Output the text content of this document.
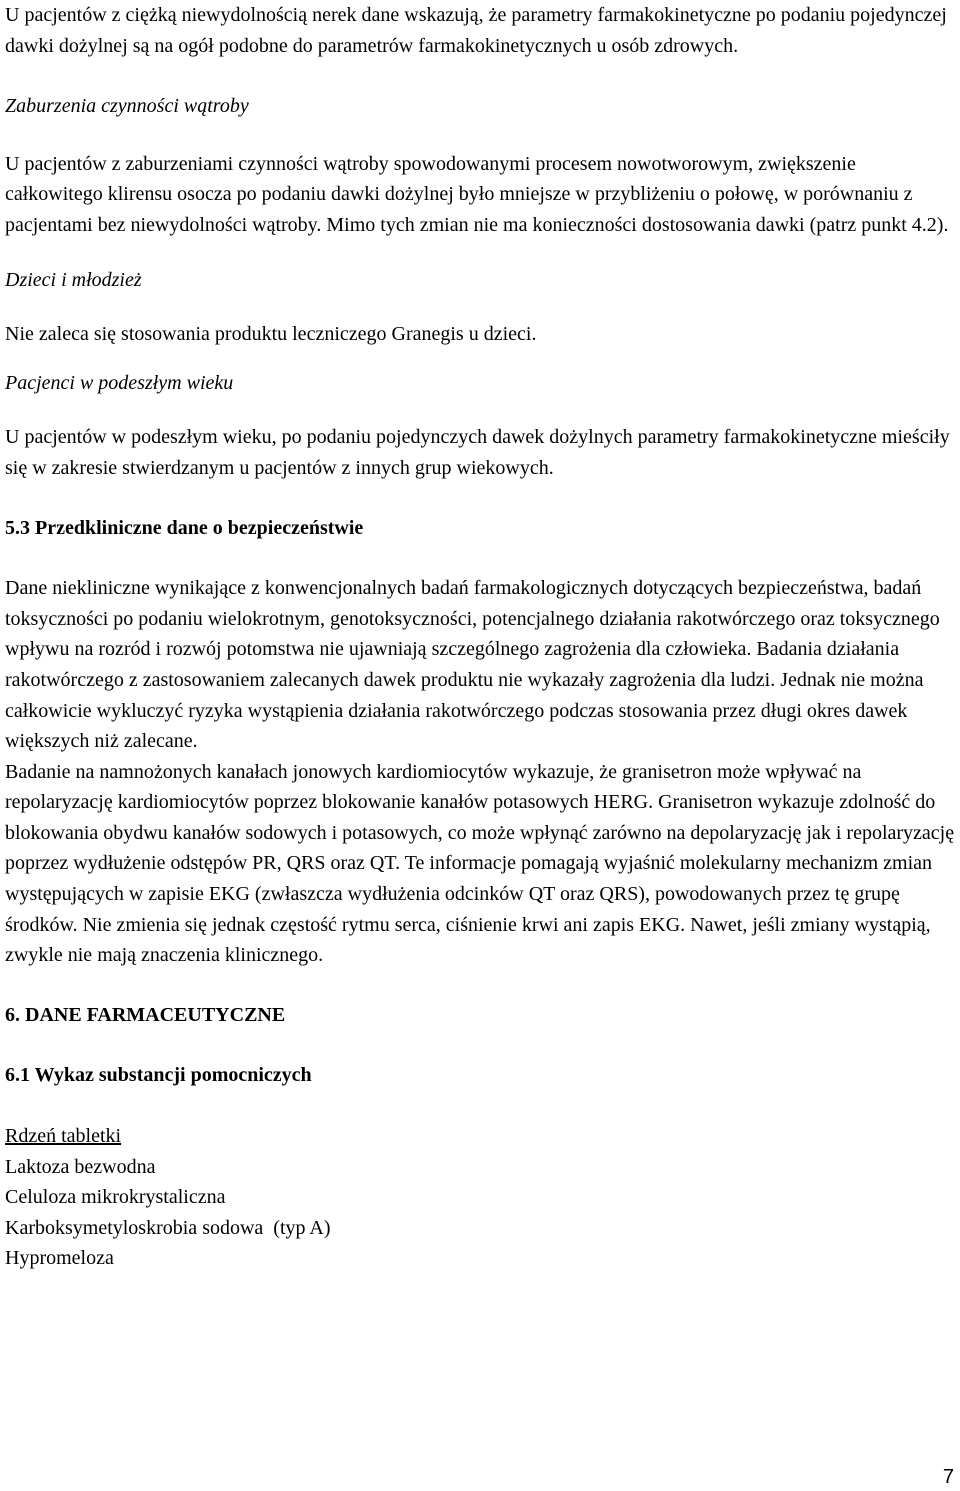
U pacjentów z ciężką niewydolnością nerek dane wskazują, że parametry farmakokinetyczne po podaniu pojedynczej dawki dożylnej są na ogół podobne do parametrów farmakokinetycznych u osób zdrowych.

Zaburzenia czynności wątroby

U pacjentów z zaburzeniami czynności wątroby spowodowanymi procesem nowotworowym, zwiększenie całkowitego klirensu osocza po podaniu dawki dożylnej było mniejsze w przybliżeniu o połowę, w porównaniu z pacjentami bez niewydolności wątroby. Mimo tych zmian nie ma konieczności dostosowania dawki (patrz punkt 4.2).

Dzieci i młodzież

Nie zaleca się stosowania produktu leczniczego Granegis u dzieci.

Pacjenci w podeszłym wieku

U pacjentów w podeszłym wieku, po podaniu pojedynczych dawek dożylnych parametry farmakokinetyczne mieściły się w zakresie stwierdzanym u pacjentów z innych grup wiekowych.

5.3 Przedkliniczne dane o bezpieczeństwie

Dane niekliniczne wynikające z konwencjonalnych badań farmakologicznych dotyczących bezpieczeństwa, badań toksyczności po podaniu wielokrotnym, genotoksyczności, potencjalnego działania rakotwórczego oraz toksycznego wpływu na rozród i rozwój potomstwa nie ujawniają szczególnego zagrożenia dla człowieka. Badania działania rakotwórczego z zastosowaniem zalecanych dawek produktu nie wykazały zagrożenia dla ludzi. Jednak nie można całkowicie wykluczyć ryzyka wystąpienia działania rakotwórczego podczas stosowania przez długi okres dawek większych niż zalecane.

Badanie na namnożonych kanałach jonowych kardiomiocytów wykazuje, że granisetron może wpływać na repolaryzację kardiomiocytów poprzez blokowanie kanałów potasowych HERG. Granisetron wykazuje zdolność do blokowania obydwu kanałów sodowych i potasowych, co może wpłynąć zarówno na depolaryzację jak i repolaryzację poprzez wydłużenie odstępów PR, QRS oraz QT. Te informacje pomagają wyjaśnić molekularny mechanizm zmian występujących w zapisie EKG (zwłaszcza wydłużenia odcinków QT oraz QRS), powodowanych przez tę grupę środków. Nie zmienia się jednak częstość rytmu serca, ciśnienie krwi ani zapis EKG. Nawet, jeśli zmiany wystąpią, zwykle nie mają znaczenia klinicznego.

6. DANE FARMACEUTYCZNE

6.1 Wykaz substancji pomocniczych

Rdzeń tabletki

Laktoza bezwodna

Celuloza mikrokrystaliczna

Karboksymetyloskrobia sodowa  (typ A)

Hypromeloza

7
